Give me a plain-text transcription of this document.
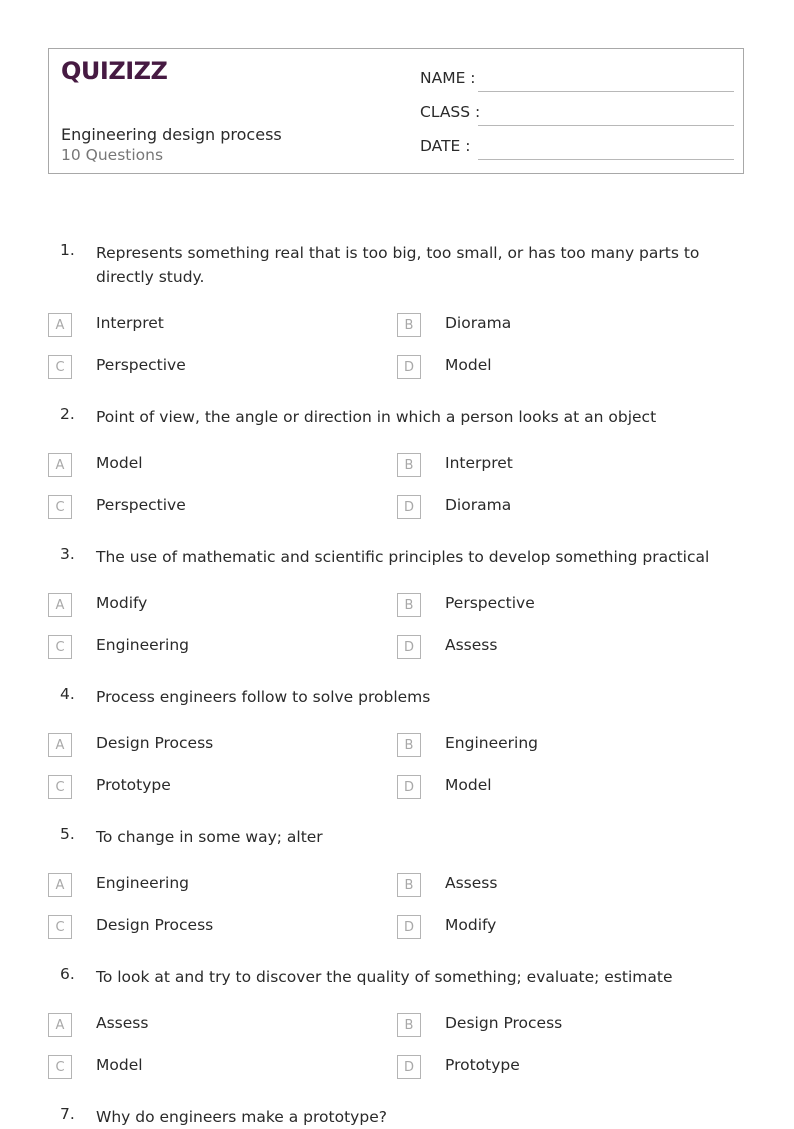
QUIZIZZ
Engineering design process
10 Questions
NAME :
CLASS :
DATE :
1. Represents something real that is too big, too small, or has too many parts to directly study.
A	Interpret	B	Diorama
C	Perspective	D	Model
2. Point of view, the angle or direction in which a person looks at an object
A	Model	B	Interpret
C	Perspective	D	Diorama
3. The use of mathematic and scientific principles to develop something practical
A	Modify	B	Perspective
C	Engineering	D	Assess
4. Process engineers follow to solve problems
A	Design Process	B	Engineering
C	Prototype	D	Model
5. To change in some way; alter
A	Engineering	B	Assess
C	Design Process	D	Modify
6. To look at and try to discover the quality of something; evaluate; estimate
A	Assess	B	Design Process
C	Model	D	Prototype
7. Why do engineers make a prototype?
